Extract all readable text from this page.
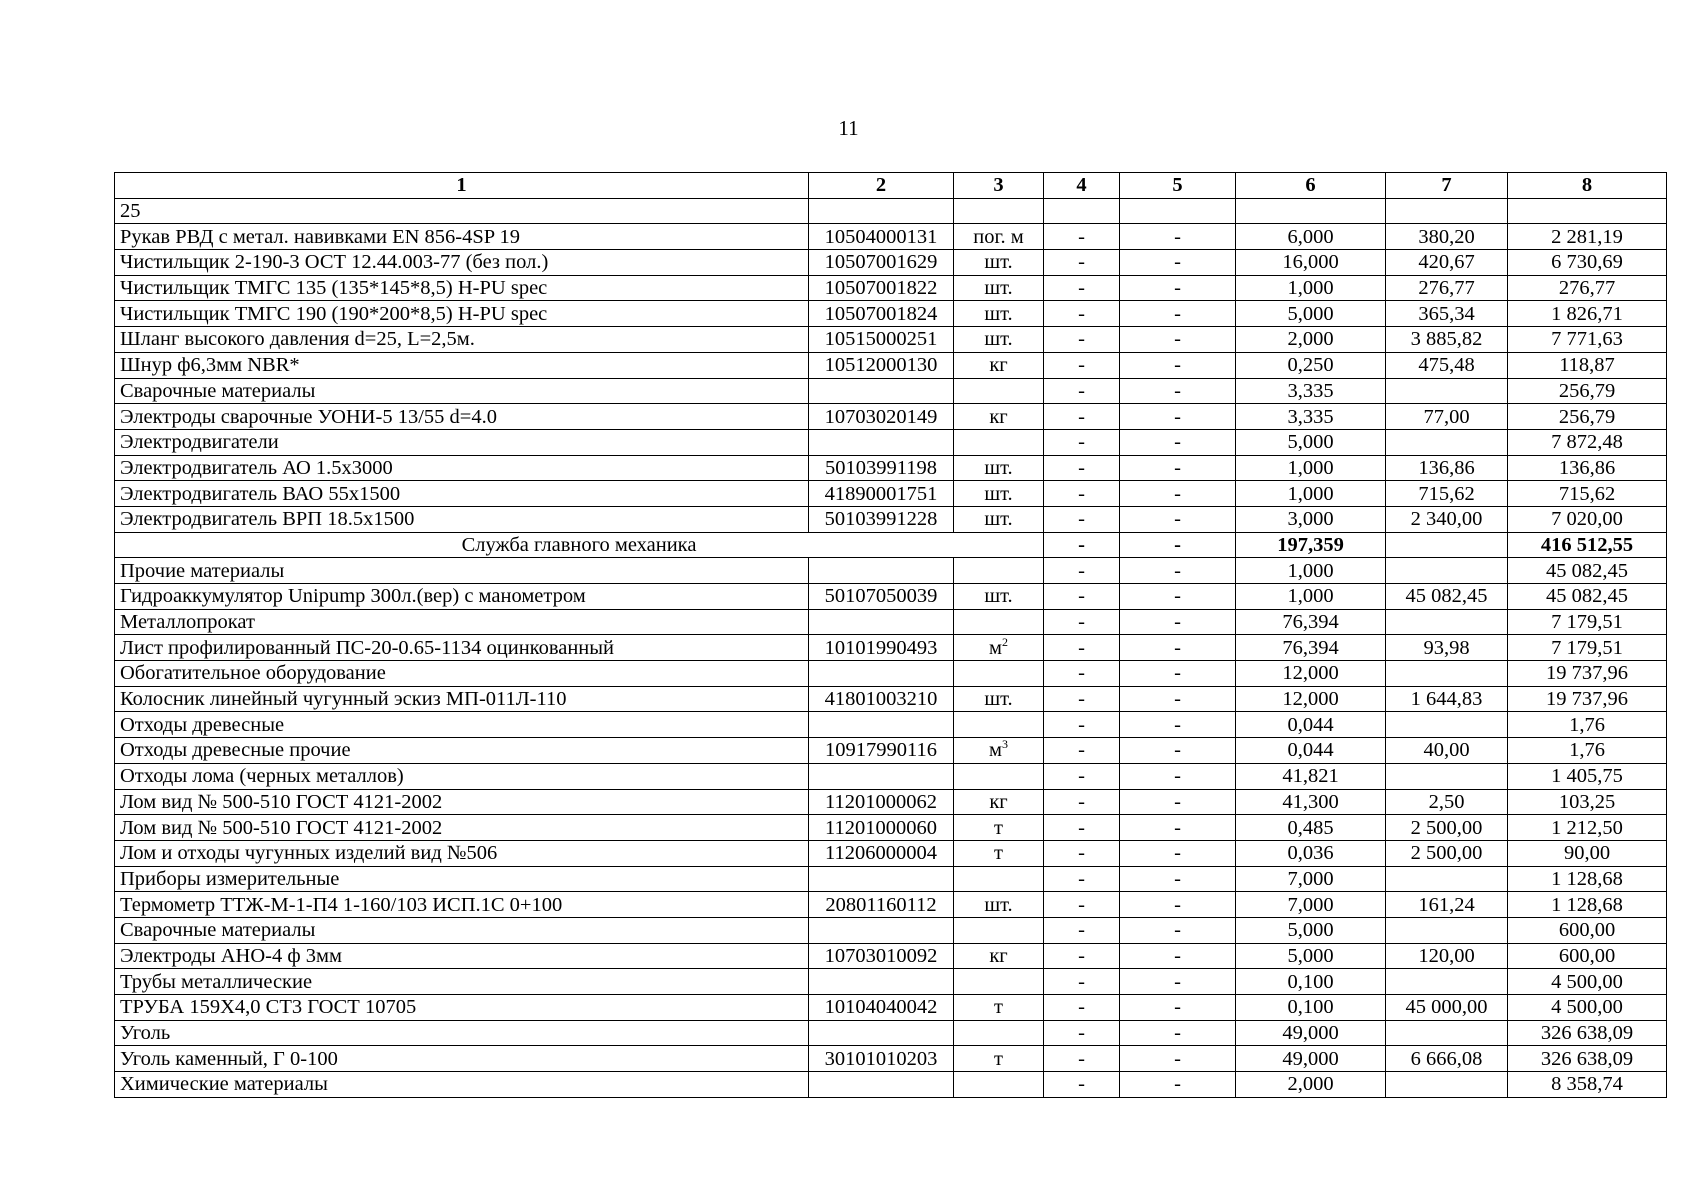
11
1	2	3	4	5	6	7	8
25							
Рукав РВД с метал. навивками EN 856-4SP 19	10504000131	пог. м	-	-	6,000	380,20	2 281,19
Чистильщик 2-190-3 ОСТ 12.44.003-77 (без пол.)	10507001629	шт.	-	-	16,000	420,67	6 730,69
Чистильщик ТМГС 135 (135*145*8,5) H-PU spec	10507001822	шт.	-	-	1,000	276,77	276,77
Чистильщик ТМГС 190 (190*200*8,5) H-PU spec	10507001824	шт.	-	-	5,000	365,34	1 826,71
Шланг высокого давления d=25, L=2,5м.	10515000251	шт.	-	-	2,000	3 885,82	7 771,63
Шнур ф6,3мм NBR*	10512000130	кг	-	-	0,250	475,48	118,87
Сварочные материалы			-	-	3,335		256,79
Электроды сварочные УОНИ-5 13/55 d=4.0	10703020149	кг	-	-	3,335	77,00	256,79
Электродвигатели			-	-	5,000		7 872,48
Электродвигатель АО 1.5х3000	50103991198	шт.	-	-	1,000	136,86	136,86
Электродвигатель ВАО 55х1500	41890001751	шт.	-	-	1,000	715,62	715,62
Электродвигатель ВРП 18.5х1500	50103991228	шт.	-	-	3,000	2 340,00	7 020,00
Служба главного механика			-	-	197,359		416 512,55
Прочие материалы			-	-	1,000		45 082,45
Гидроаккумулятор Unipump 300л.(вер) с манометром	50107050039	шт.	-	-	1,000	45 082,45	45 082,45
Металлопрокат			-	-	76,394		7 179,51
Лист профилированный ПС-20-0.65-1134 оцинкованный	10101990493	$м^2$	-	-	76,394	93,98	7 179,51
Обогатительное оборудование			-	-	12,000		19 737,96
Колосник линейный чугунный эскиз МП-011Л-110	41801003210	шт.	-	-	12,000	1 644,83	19 737,96
Отходы древесные			-	-	0,044		1,76
Отходы древесные прочие	10917990116	$м^3$	-	-	0,044	40,00	1,76
Отходы лома (черных металлов)			-	-	41,821		1 405,75
Лом вид № 500-510 ГОСТ 4121-2002	11201000062	кг	-	-	41,300	2,50	103,25
Лом вид № 500-510 ГОСТ 4121-2002	11201000060	т	-	-	0,485	2 500,00	1 212,50
Лом и отходы чугунных изделий вид №506	11206000004	т	-	-	0,036	2 500,00	90,00
Приборы измерительные			-	-	7,000		1 128,68
Термометр ТТЖ-М-1-П4 1-160/103 ИСП.1С 0+100	20801160112	шт.	-	-	7,000	161,24	1 128,68
Сварочные материалы			-	-	5,000		600,00
Электроды АНО-4 ф 3мм	10703010092	кг	-	-	5,000	120,00	600,00
Трубы металлические			-	-	0,100		4 500,00
ТРУБА 159Х4,0 СТ3 ГОСТ 10705	10104040042	т	-	-	0,100	45 000,00	4 500,00
Уголь			-	-	49,000		326 638,09
Уголь каменный, Г 0-100	30101010203	т	-	-	49,000	6 666,08	326 638,09
Химические материалы			-	-	2,000		8 358,74
